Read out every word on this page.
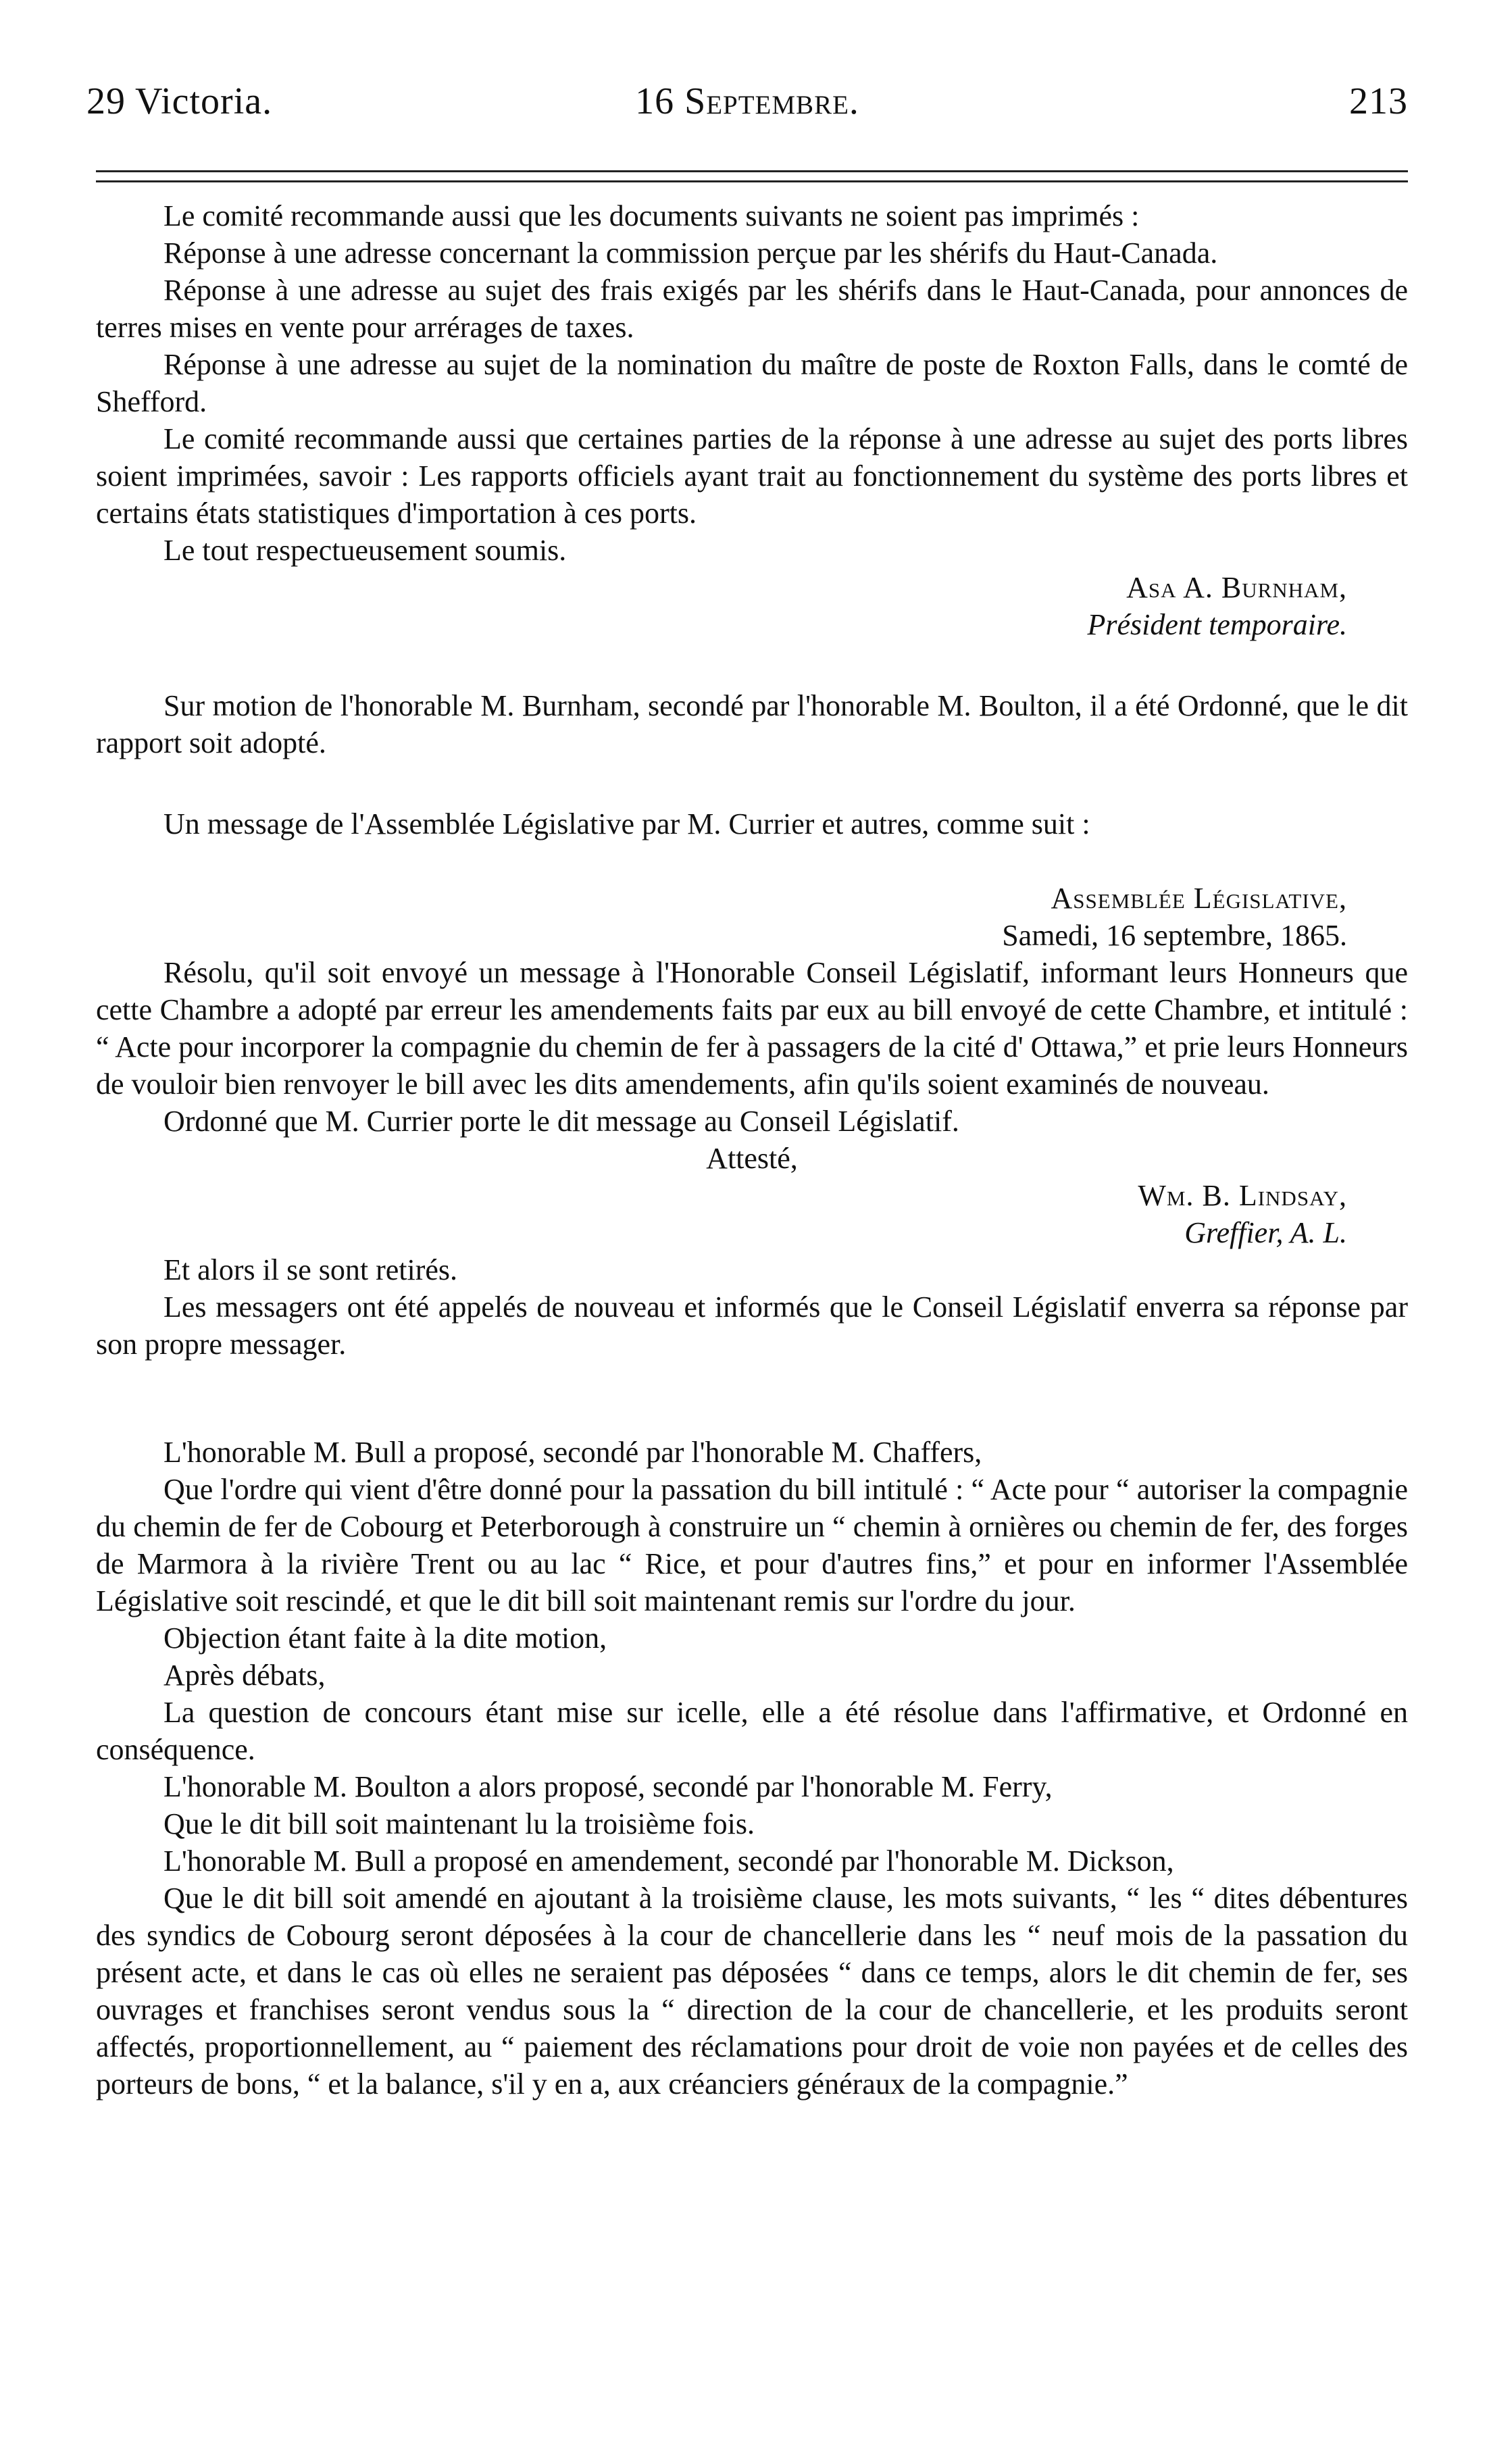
29 Victoria.	16 Septembre.	213

Le comité recommande aussi que les documents suivants ne soient pas imprimés :

Réponse à une adresse concernant la commission perçue par les shérifs du Haut-Canada.

Réponse à une adresse au sujet des frais exigés par les shérifs dans le Haut-Canada, pour annonces de terres mises en vente pour arrérages de taxes.

Réponse à une adresse au sujet de la nomination du maître de poste de Roxton Falls, dans le comté de Shefford.

Le comité recommande aussi que certaines parties de la réponse à une adresse au sujet des ports libres soient imprimées, savoir : Les rapports officiels ayant trait au fonctionnement du système des ports libres et certains états statistiques d'importation à ces ports.

Le tout respectueusement soumis.

Asa A. Burnham,

Président temporaire.

Sur motion de l'honorable M. Burnham, secondé par l'honorable M. Boulton, il a été Ordonné, que le dit rapport soit adopté.

Un message de l'Assemblée Législative par M. Currier et autres, comme suit :

Assemblée Législative,

Samedi, 16 septembre, 1865.

Résolu, qu'il soit envoyé un message à l'Honorable Conseil Législatif, informant leurs Honneurs que cette Chambre a adopté par erreur les amendements faits par eux au bill envoyé de cette Chambre, et intitulé : “ Acte pour incorporer la compagnie du chemin de fer à passagers de la cité d' Ottawa,” et prie leurs Honneurs de vouloir bien renvoyer le bill avec les dits amendements, afin qu'ils soient examinés de nouveau.

Ordonné que M. Currier porte le dit message au Conseil Législatif.

Attesté,

Wm. B. Lindsay,

Greffier, A. L.

Et alors il se sont retirés.

Les messagers ont été appelés de nouveau et informés que le Conseil Législatif enverra sa réponse par son propre messager.

L'honorable M. Bull a proposé, secondé par l'honorable M. Chaffers,

Que l'ordre qui vient d'être donné pour la passation du bill intitulé : “ Acte pour “ autoriser la compagnie du chemin de fer de Cobourg et Peterborough à construire un “ chemin à ornières ou chemin de fer, des forges de Marmora à la rivière Trent ou au lac “ Rice, et pour d'autres fins,” et pour en informer l'Assemblée Législative soit rescindé, et que le dit bill soit maintenant remis sur l'ordre du jour.

Objection étant faite à la dite motion,

Après débats,

La question de concours étant mise sur icelle, elle a été résolue dans l'affirmative, et Ordonné en conséquence.

L'honorable M. Boulton a alors proposé, secondé par l'honorable M. Ferry,

Que le dit bill soit maintenant lu la troisième fois.

L'honorable M. Bull a proposé en amendement, secondé par l'honorable M. Dickson,

Que le dit bill soit amendé en ajoutant à la troisième clause, les mots suivants, “ les “ dites débentures des syndics de Cobourg seront déposées à la cour de chancellerie dans les “ neuf mois de la passation du présent acte, et dans le cas où elles ne seraient pas déposées “ dans ce temps, alors le dit chemin de fer, ses ouvrages et franchises seront vendus sous la “ direction de la cour de chancellerie, et les produits seront affectés, proportionnellement, au “ paiement des réclamations pour droit de voie non payées et de celles des porteurs de bons, “ et la balance, s'il y en a, aux créanciers généraux de la compagnie.”
